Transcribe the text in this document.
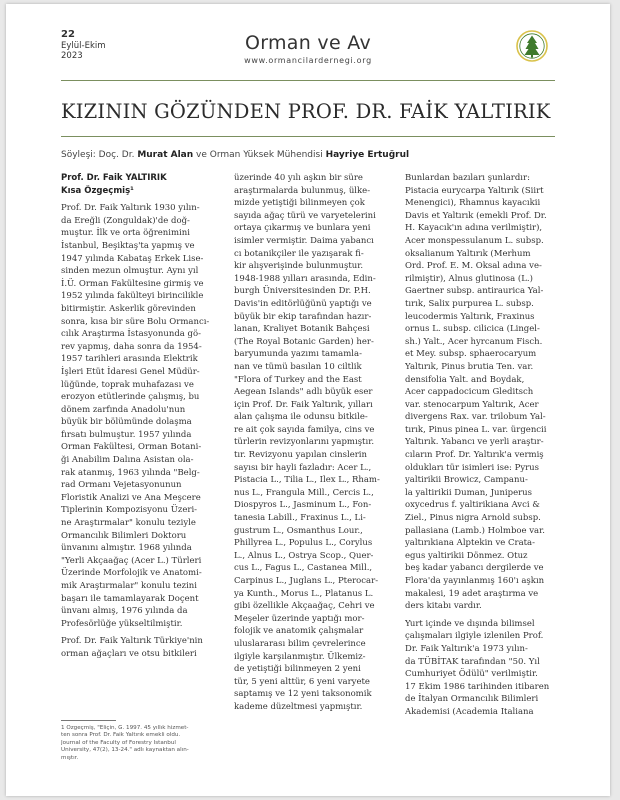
22
Eylül-Ekim
2023
Orman ve Av
www.ormancilardernegi.org
KIZININ GÖZÜNDEN PROF. DR. FAİK YALTIRIK
Söyleşi: Doç. Dr. Murat Alan ve Orman Yüksek Mühendisi Hayriye Ertuğrul
Prof. Dr. Faik YALTIRIK
Kısa Özgeçmiş¹
Prof. Dr. Faik Yaltırık 1930 yılın-
da Ereğli (Zonguldak)'de doğ-
muştur. İlk ve orta öğrenimini
İstanbul, Beşiktaş'ta yapmış ve
1947 yılında Kabataş Erkek Lise-
sinden mezun olmuştur. Aynı yıl
İ.Ü. Orman Fakültesine girmiş ve
1952 yılında fakülteyi birincilikle
bitirmiştir. Askerlik görevinden
sonra, kısa bir süre Bolu Ormancı-
cılık Araştırma İstasyonunda gö-
rev yapmış, daha sonra da 1954-
1957 tarihleri arasında Elektrik
İşleri Etüt İdaresi Genel Müdür-
lüğünde, toprak muhafazası ve
erozyon etütlerinde çalışmış, bu
dönem zarfında Anadolu'nun
büyük bir bölümünde dolaşma
fırsatı bulmuştur. 1957 yılında
Orman Fakültesi, Orman Botani-
ği Anabilim Dalına Asistan ola-
rak atanmış, 1963 yılında "Belg-
rad Ormanı Vejetasyonunun
Floristik Analizi ve Ana Meşcere
Tiplerinin Kompozisyonu Üzeri-
ne Araştırmalar" konulu teziyle
Ormancılık Bilimleri Doktoru
ünvanını almıştır. 1968 yılında
"Yerli Akçaağaç (Acer L.) Türleri
Üzerinde Morfolojik ve Anatomi-
mik Araştırmalar" konulu tezini
başarı ile tamamlayarak Doçent
ünvanı almış, 1976 yılında da
Profesörlüğe yükseltilmiştir.
Prof. Dr. Faik Yaltırık Türkiye'nin
orman ağaçları ve otsu bitkileri
üzerinde 40 yılı aşkın bir süre
araştırmalarda bulunmuş, ülke-
mizde yetiştiği bilinmeyen çok
sayıda ağaç türü ve varyetelerini
ortaya çıkarmış ve bunlara yeni
isimler vermiştir. Daima yabancı
cı botanikçiler ile yazışarak fi-
kir alışverişinde bulunmuştur.
1948-1988 yılları arasında, Edin-
burgh Üniversitesinden Dr. P.H.
Davis'in editörlüğünü yaptığı ve
büyük bir ekip tarafından hazır-
lanan, Kraliyet Botanik Bahçesi
(The Royal Botanic Garden) her-
baryumunda yazımı tamamla-
nan ve tümü basılan 10 ciltlik
"Flora of Turkey and the East
Aegean Islands" adlı büyük eser
için Prof. Dr. Faik Yaltırık, yılları
alan çalışma ile odunsu bitkile-
re ait çok sayıda familya, cins ve
türlerin revizyonlarını yapmıştır.
tır. Revizyonu yapılan cinslerin
sayısı bir hayli fazladır: Acer L.,
Pistacia L., Tilia L., Ilex L., Rham-
nus L., Frangula Mill., Cercis L.,
Diospyros L., Jasminum L., Fon-
tanesia Labill., Fraxinus L., Li-
gustrum L., Osmanthus Lour.,
Phillyrea L., Populus L., Corylus
L., Alnus L., Ostrya Scop., Quer-
cus L., Fagus L., Castanea Mill.,
Carpinus L., Juglans L., Pterocar-
ya Kunth., Morus L., Platanus L.
gibi özellikle Akçaağaç, Cehri ve
Meşeler üzerinde yaptığı mor-
folojik ve anatomik çalışmalar
uluslararası bilim çevrelerince
ilgiyle karşılanmıştır. Ülkemiz-
de yetiştiği bilinmeyen 2 yeni
tür, 5 yeni alttür, 6 yeni varyete
saptamış ve 12 yeni taksonomik
kademe düzeltmesi yapmıştır.
Bunlardan bazıları şunlardır:
Pistacia eurycarpa Yaltırık (Siirt
Menengici), Rhamnus kayacıkii
Davis et Yaltırık (emekli Prof. Dr.
H. Kayacık'ın adına verilmiştir),
Acer monspessulanum L. subsp.
oksalianum Yaltırık (Merhum
Ord. Prof. E. M. Oksal adına ve-
rilmiştir), Alnus glutinosa (L.)
Gaertner subsp. antiraurica Yal-
tırık, Salix purpurea L. subsp.
leucodermis Yaltırık, Fraxinus
ornus L. subsp. cilicica (Lingel-
sh.) Yalt., Acer hyrcanum Fisch.
et Mey. subsp. sphaerocaryum
Yaltırık, Pinus brutia Ten. var.
densifolia Yalt. and Boydak,
Acer cappadocicum Gleditsch
var. stenocarpum Yaltırık, Acer
divergens Rax. var. trilobum Yal-
tırık, Pinus pinea L. var. ürgencii
Yaltırık. Yabancı ve yerli araştır-
cıların Prof. Dr. Yaltırık'a vermiş
oldukları tür isimleri ise: Pyrus
yaltirikii Browicz, Campanu-
la yaltirikii Duman, Juniperus
oxycedrus f. yaltirikiana Avci &
Ziel., Pinus nigra Arnold subsp.
pallasiana (Lamb.) Holmboe var.
yaltırıkiana Alptekin ve Crata-
egus yaltirikii Dönmez. Otuz
beş kadar yabancı dergilerde ve
Flora'da yayınlanmış 160'ı aşkın
makalesi, 19 adet araştırma ve
ders kitabı vardır.
Yurt içinde ve dışında bilimsel
çalışmaları ilgiyle izlenilen Prof.
Dr. Faik Yaltırık'a 1973 yılın-
da TÜBİTAK tarafından "50. Yıl
Cumhuriyet Ödülü" verilmiştir.
17 Ekim 1986 tarihinden itibaren
de İtalyan Ormancılık Bilimleri
Akademisi (Academia Italiana
1 Özgeçmiş, "Eliçin, G. 1997. 45 yıllık hizmet-
ten sonra Prof. Dr. Faik Yaltırık emekli oldu.
Journal of the Faculty of Forestry Istanbul
University, 47(2), 13-24." adlı kaynaktan alın-
mıştır.
